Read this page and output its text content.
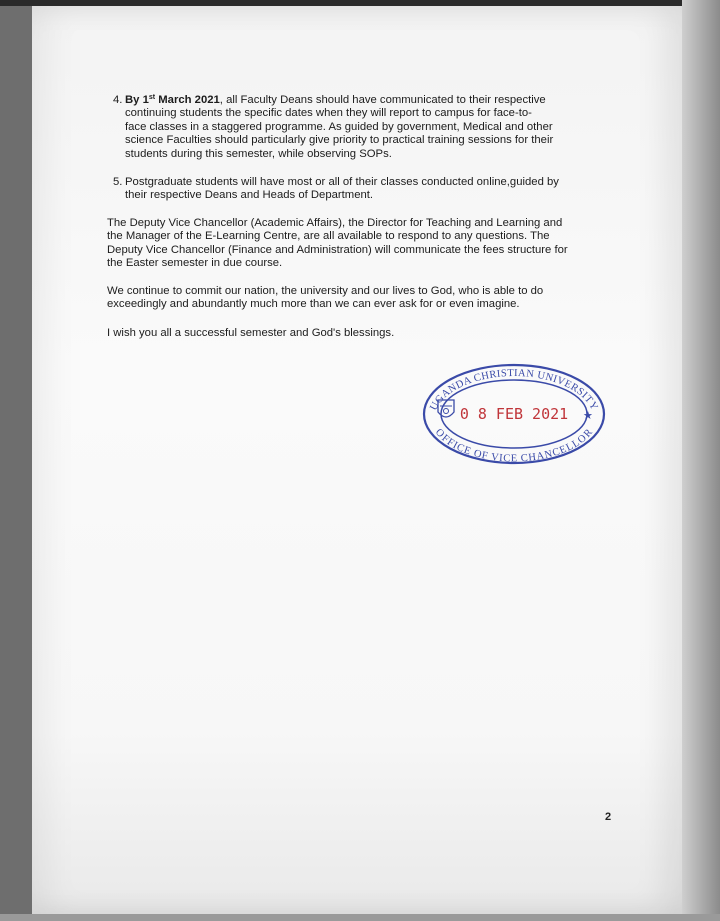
4. By 1st March 2021, all Faculty Deans should have communicated to their respective
continuing students the specific dates when they will report to campus for face-to-
face classes in a staggered programme. As guided by government, Medical and other
science Faculties should particularly give priority to practical training sessions for their
students during this semester, while observing SOPs.
5. Postgraduate students will have most or all of their classes conducted online,guided by
their respective Deans and Heads of Department.
The Deputy Vice Chancellor (Academic Affairs), the Director for Teaching and Learning and
the Manager of the E-Learning Centre, are all available to respond to any questions. The
Deputy Vice Chancellor (Finance and Administration) will communicate the fees structure for
the Easter semester in due course.
We continue to commit our nation, the university and our lives to God, who is able to do
exceedingly and abundantly much more than we can ever ask for or even imagine.
I wish you all a successful semester and God's blessings.
UGANDA CHRISTIAN UNIVERSITY
OFFICE OF VICE CHANCELLOR
★
0 8 FEB 2021
2
